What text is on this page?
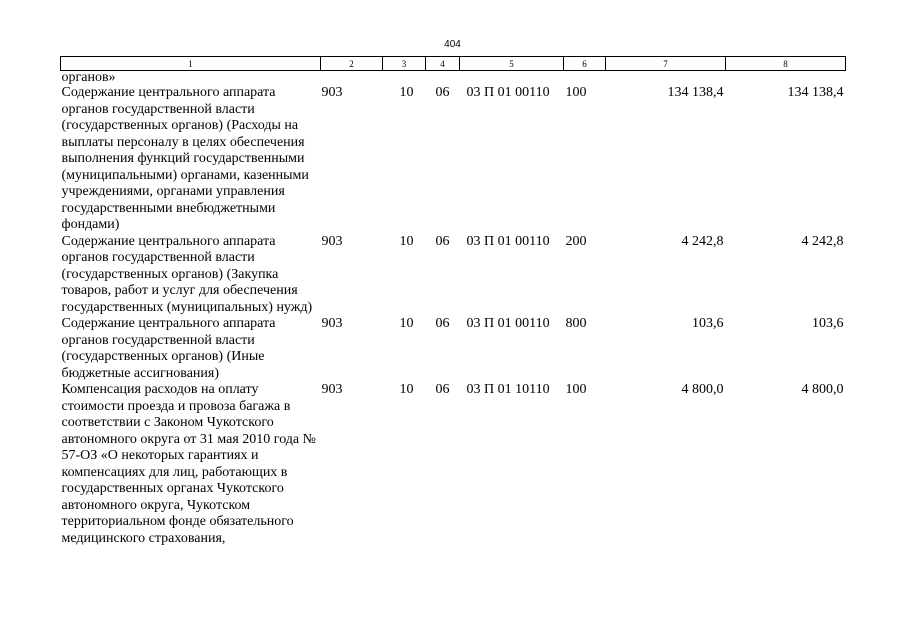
404
1	2	3	4	5	6	7	8
органов»							
Содержание центрального аппарата органов государственной власти (государственных органов) (Расходы на выплаты персоналу в целях обеспечения выполнения функций государственными (муниципальными) органами, казенными учреждениями, органами управления государственными внебюджетными фондами)	903	10	06	03 П 01 00110	100	134 138,4	134 138,4
Содержание центрального аппарата органов государственной власти (государственных органов) (Закупка товаров, работ и услуг для обеспечения государственных (муниципальных) нужд)	903	10	06	03 П 01 00110	200	4 242,8	4 242,8
Содержание центрального аппарата органов государственной власти (государственных органов) (Иные бюджетные ассигнования)	903	10	06	03 П 01 00110	800	103,6	103,6
Компенсация расходов на оплату стоимости проезда и провоза багажа в соответствии с Законом Чукотского автономного округа от 31 мая 2010 года № 57-ОЗ «О некоторых гарантиях и компенсациях для лиц, работающих в государственных органах Чукотского автономного округа, Чукотском территориальном фонде обязательного медицинского страхования,	903	10	06	03 П 01 10110	100	4 800,0	4 800,0
